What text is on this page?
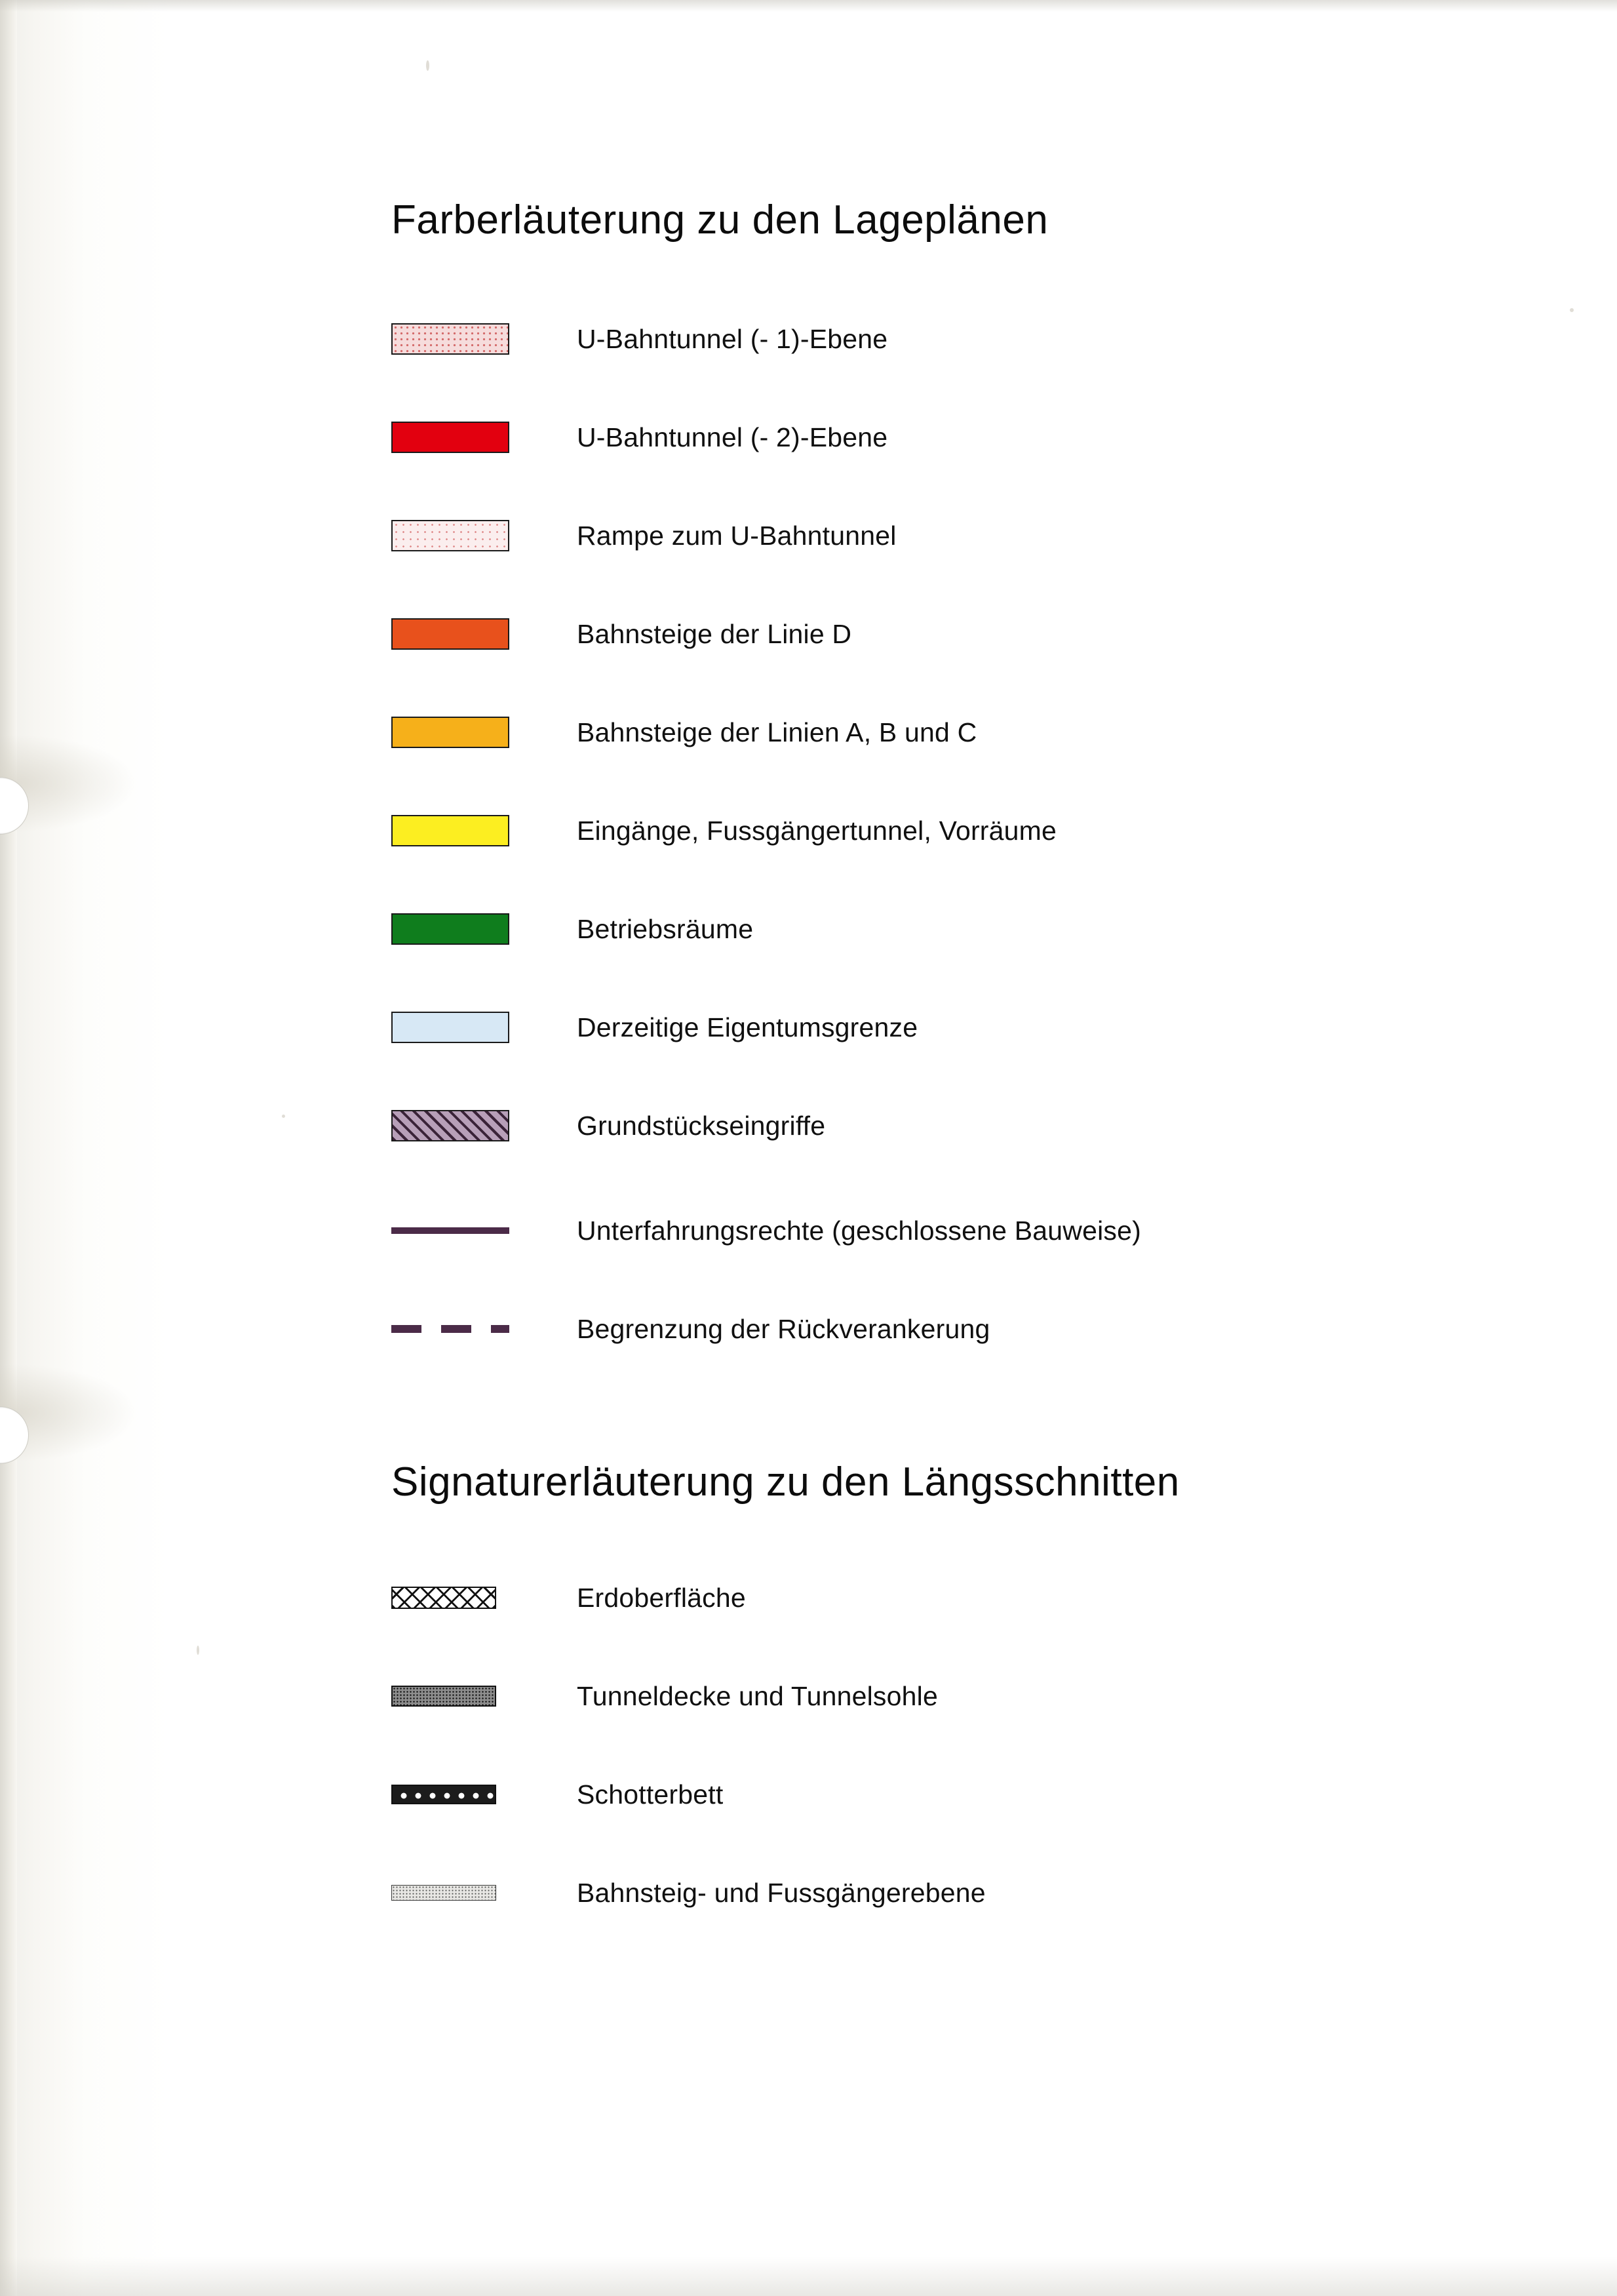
Farberläuterung zu den Lageplänen
U-Bahntunnel (- 1)-Ebene
U-Bahntunnel (- 2)-Ebene
Rampe zum U-Bahntunnel
Bahnsteige der Linie D
Bahnsteige der Linien A, B und C
Eingänge, Fussgängertunnel, Vorräume
Betriebsräume
Derzeitige Eigentumsgrenze
Grundstückseingriffe
Unterfahrungsrechte (geschlossene Bauweise)
Begrenzung der Rückverankerung
Signaturerläuterung zu den Längsschnitten
Erdoberfläche
Tunneldecke und Tunnelsohle
Schotterbett
Bahnsteig- und Fussgängerebene
